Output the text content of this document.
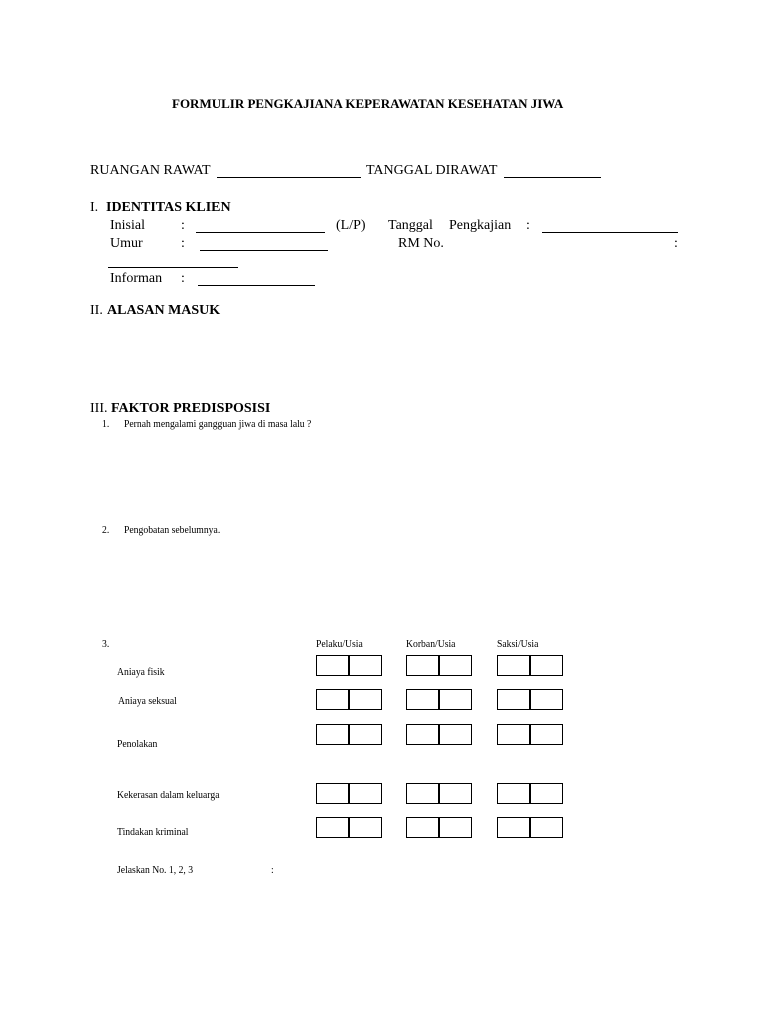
FORMULIR PENGKAJIANA KEPERAWATAN KESEHATAN JIWA
RUANGAN RAWAT	TANGGAL DIRAWAT
I. IDENTITAS KLIEN
Inisial	:	(L/P) Tanggal Pengkajian :
Umur	:	RM No.	:
Informan :
II. ALASAN MASUK
III. FAKTOR PREDISPOSISI
1. Pernah mengalami gangguan jiwa di masa lalu ?
2. Pengobatan sebelumnya.
3.	Pelaku/Usia	Korban/Usia	Saksi/Usia
Aniaya fisik
Aniaya seksual
Penolakan
Kekerasan dalam keluarga
Tindakan kriminal
Jelaskan No. 1, 2, 3	:
